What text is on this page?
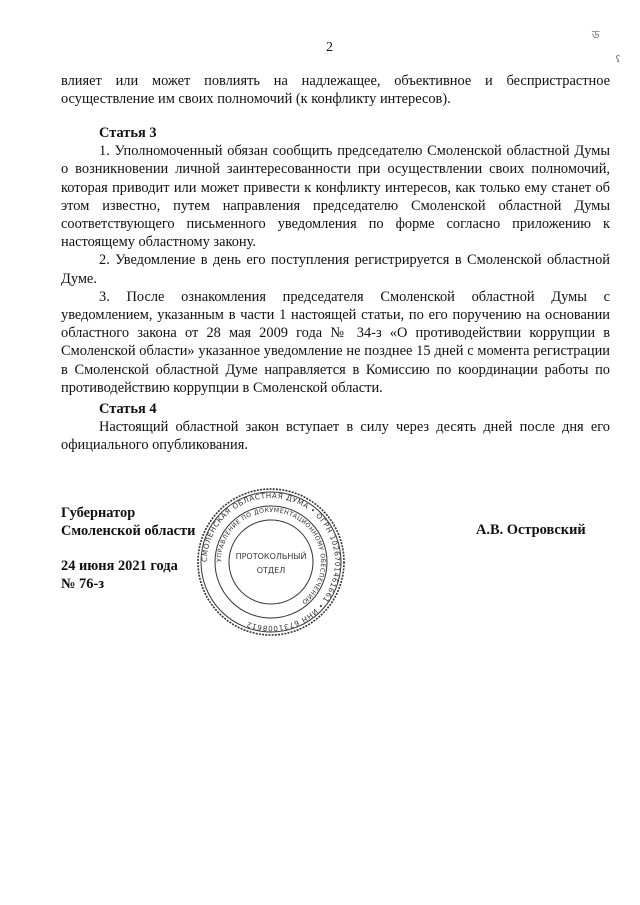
2
ড
ʕ

влияет или может повлиять на надлежащее, объективное и беспристрастное осуществление им своих полномочий (к конфликту интересов).

Статья 3

1. Уполномоченный обязан сообщить председателю Смоленской областной Думы о возникновении личной заинтересованности при осуществлении своих полномочий, которая приводит или может привести к конфликту интересов, как только ему станет об этом известно, путем направления председателю Смоленской областной Думы соответствующего письменного уведомления по форме согласно приложению к настоящему областному закону.

2. Уведомление в день его поступления регистрируется в Смоленской областной Думе.

3. После ознакомления председателя Смоленской областной Думы с уведомлением, указанным в части 1 настоящей статьи, по его поручению на основании областного закона от 28 мая 2009 года № 34-з «О противодействии коррупции в Смоленской области» указанное уведомление не позднее 15 дней с момента регистрации в Смоленской областной Думе направляется в Комиссию по координации работы по противодействию коррупции в Смоленской области.

Статья 4

Настоящий областной закон вступает в силу через десять дней после дня его официального опубликования.

Губернатор
Смоленской области
24 июня 2021 года
№ 76-з
А.В. Островский
СМОЛЕНСКАЯ ОБЛАСТНАЯ ДУМА • ОГРН 1026701461661 • ИНН 6731008612
УПРАВЛЕНИЕ ПО ДОКУМЕНТАЦИОННОМУ ОБЕСПЕЧЕНИЮ
ПРОТОКОЛЬНЫЙ
ОТДЕЛ
